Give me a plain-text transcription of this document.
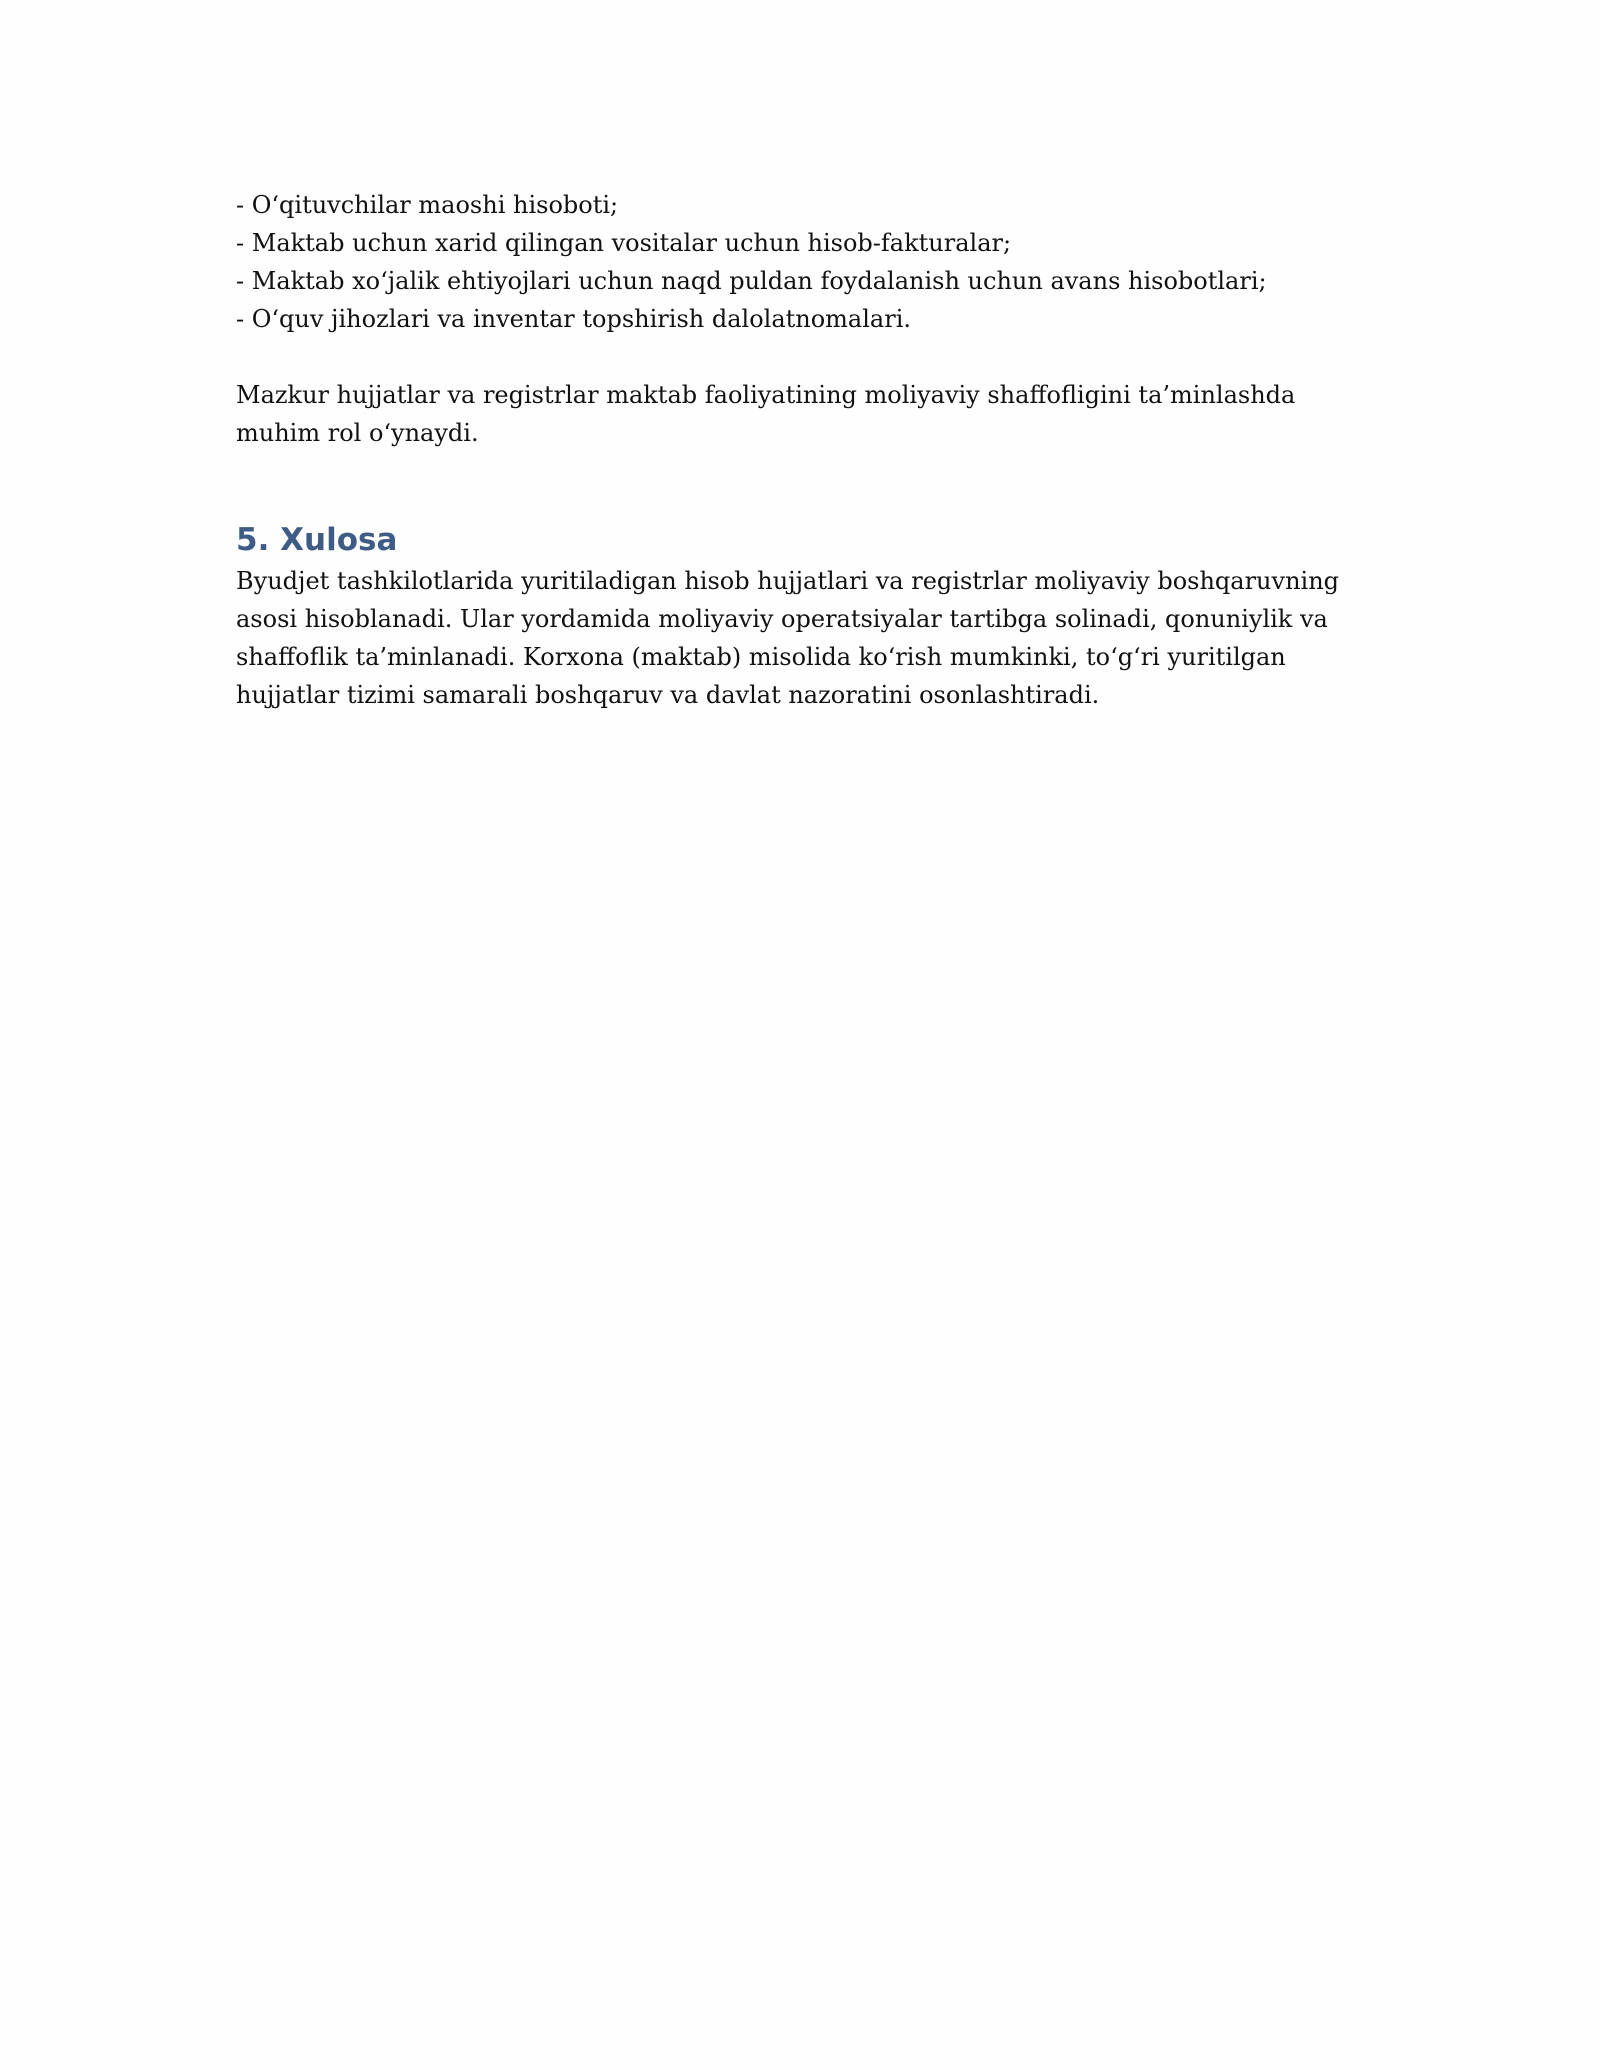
- O‘qituvchilar maoshi hisoboti;
- Maktab uchun xarid qilingan vositalar uchun hisob-fakturalar;
- Maktab xo‘jalik ehtiyojlari uchun naqd puldan foydalanish uchun avans hisobotlari;
- O‘quv jihozlari va inventar topshirish dalolatnomalari.

Mazkur hujjatlar va registrlar maktab faoliyatining moliyaviy shaffofligini ta’minlashda muhim rol o‘ynaydi.

5. Xulosa

Byudjet tashkilotlarida yuritiladigan hisob hujjatlari va registrlar moliyaviy boshqaruvning asosi hisoblanadi. Ular yordamida moliyaviy operatsiyalar tartibga solinadi, qonuniylik va shaffoflik ta’minlanadi. Korxona (maktab) misolida ko‘rish mumkinki, to‘g‘ri yuritilgan hujjatlar tizimi samarali boshqaruv va davlat nazoratini osonlashtiradi.
